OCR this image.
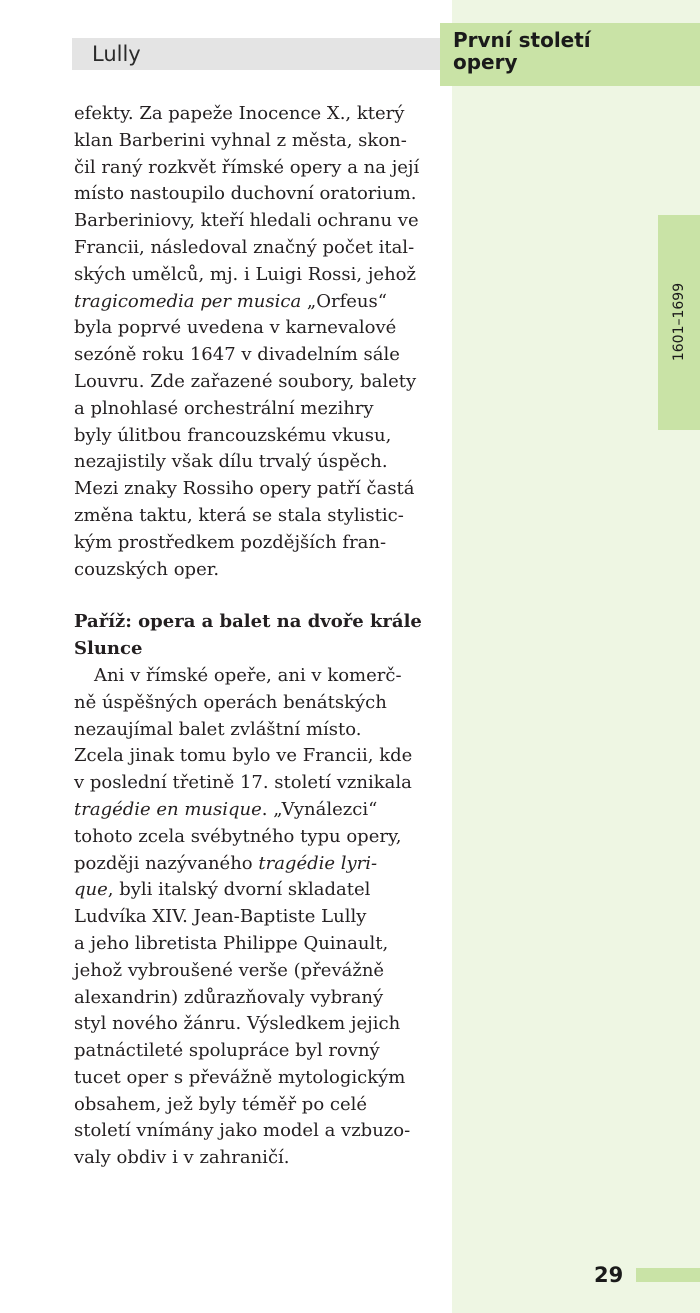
Lully
První století
opery
1601–1699

efekty. Za papeže Inocence X., který
klan Barberini vyhnal z města, skon-
čil raný rozkvět římské opery a na její
místo nastoupilo duchovní oratorium.
Barberiniovy, kteří hledali ochranu ve
Francii, následoval značný počet ital-
ských umělců, mj. i Luigi Rossi, jehož
tragicomedia per musica „Orfeus“
byla poprvé uvedena v karnevalové
sezóně roku 1647 v divadelním sále
Louvru. Zde zařazené soubory, balety
a plnohlasé orchestrální mezihry
byly úlitbou francouzskému vkusu,
nezajistily však dílu trvalý úspěch.
Mezi znaky Rossiho opery patří častá
změna taktu, která se stala stylistic-
kým prostředkem pozdějších fran-
couzských oper.

Paříž: opera a balet na dvoře krále
Slunce

Ani v římské opeře, ani v komerč-
ně úspěšných operách benátských
nezaujímal balet zvláštní místo.
Zcela jinak tomu bylo ve Francii, kde
v poslední třetině 17. století vznikala
tragédie en musique. „Vynálezci“
tohoto zcela svébytného typu opery,
později nazývaného tragédie lyri-
que, byli italský dvorní skladatel
Ludvíka XIV. Jean-Baptiste Lully
a jeho libretista Philippe Quinault,
jehož vybroušené verše (převážně
alexandrin) zdůrazňovaly vybraný
styl nového žánru. Výsledkem jejich
patnáctileté spolupráce byl rovný
tucet oper s převážně mytologickým
obsahem, jež byly téměř po celé
století vnímány jako model a vzbuzo-
valy obdiv i v zahraničí.

29
